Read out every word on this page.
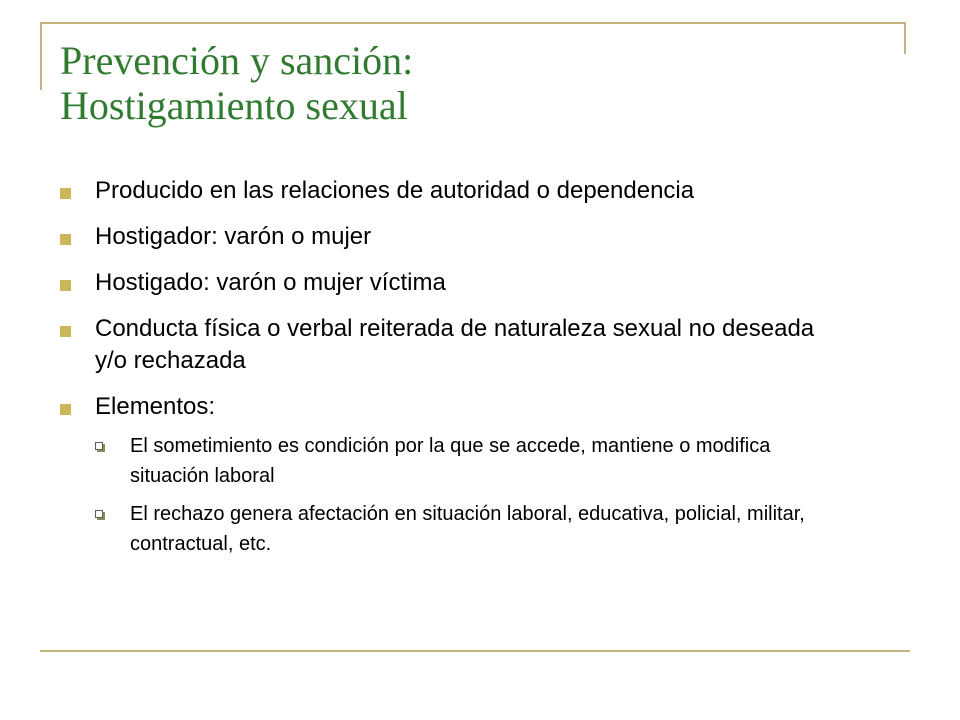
Prevención y sanción:
Hostigamiento sexual
Producido en las relaciones de autoridad o dependencia
Hostigador: varón o mujer
Hostigado: varón o mujer víctima
Conducta física o verbal reiterada de naturaleza sexual no deseada y/o rechazada
Elementos:
El sometimiento es condición por la que se accede, mantiene o modifica situación laboral
El rechazo genera afectación en situación laboral, educativa, policial, militar, contractual, etc.
